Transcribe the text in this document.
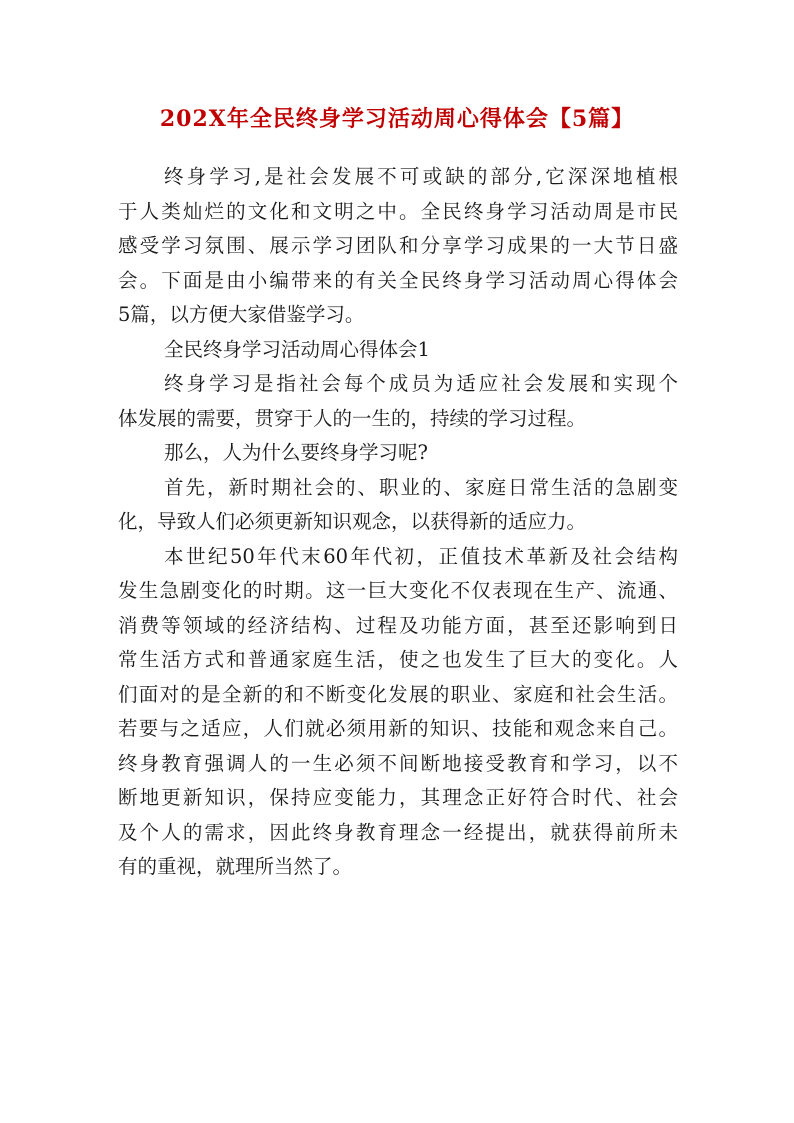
202X年全民终身学习活动周心得体会【5篇】
终身学习,是社会发展不可或缺的部分,它深深地植根
于人类灿烂的文化和文明之中。全民终身学习活动周是市民
感受学习氛围、展示学习团队和分享学习成果的一大节日盛
会。下面是由小编带来的有关全民终身学习活动周心得体会
5篇，以方便大家借鉴学习。
全民终身学习活动周心得体会1
终身学习是指社会每个成员为适应社会发展和实现个
体发展的需要，贯穿于人的一生的，持续的学习过程。
那么，人为什么要终身学习呢?
首先，新时期社会的、职业的、家庭日常生活的急剧变
化，导致人们必须更新知识观念，以获得新的适应力。
本世纪50年代末60年代初，正值技术革新及社会结构
发生急剧变化的时期。这一巨大变化不仅表现在生产、流通、
消费等领域的经济结构、过程及功能方面，甚至还影响到日
常生活方式和普通家庭生活，使之也发生了巨大的变化。人
们面对的是全新的和不断变化发展的职业、家庭和社会生活。
若要与之适应，人们就必须用新的知识、技能和观念来自己。
终身教育强调人的一生必须不间断地接受教育和学习，以不
断地更新知识，保持应变能力，其理念正好符合时代、社会
及个人的需求，因此终身教育理念一经提出，就获得前所未
有的重视，就理所当然了。
